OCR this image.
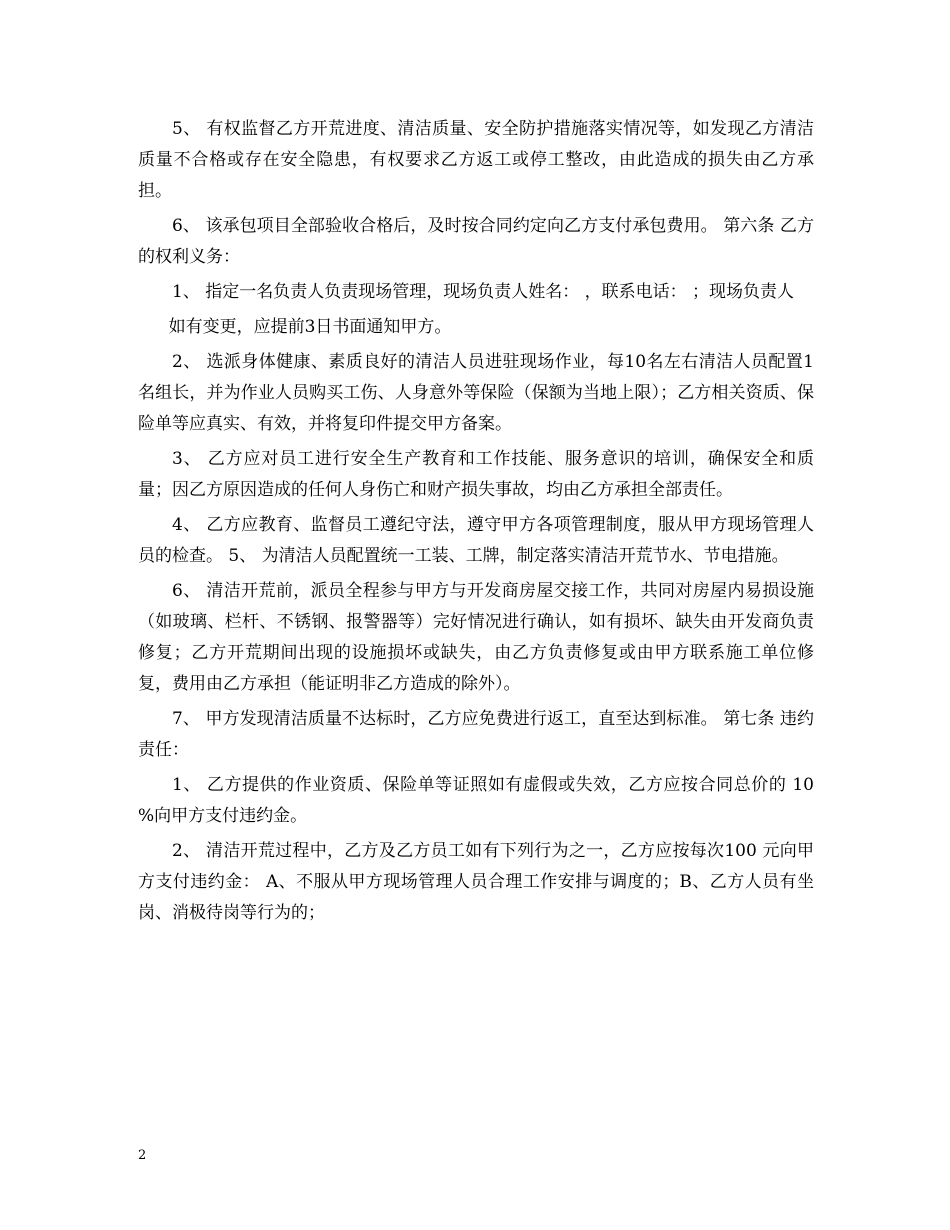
5、 有权监督乙方开荒进度、清洁质量、安全防护措施落实情况等，如发现乙方清洁质量不合格或存在安全隐患，有权要求乙方返工或停工整改，由此造成的损失由乙方承担。

6、 该承包项目全部验收合格后，及时按合同约定向乙方支付承包费用。 第六条 乙方的权利义务：

1、 指定一名负责人负责现场管理，现场负责人姓名： ，联系电话： ；现场负责人

如有变更，应提前3日书面通知甲方。

2、 选派身体健康、素质良好的清洁人员进驻现场作业，每10名左右清洁人员配置1名组长，并为作业人员购买工伤、人身意外等保险（保额为当地上限）；乙方相关资质、保险单等应真实、有效，并将复印件提交甲方备案。

3、 乙方应对员工进行安全生产教育和工作技能、服务意识的培训，确保安全和质量；因乙方原因造成的任何人身伤亡和财产损失事故，均由乙方承担全部责任。

4、 乙方应教育、监督员工遵纪守法，遵守甲方各项管理制度，服从甲方现场管理人员的检查。 5、 为清洁人员配置统一工装、工牌，制定落实清洁开荒节水、节电措施。

6、 清洁开荒前，派员全程参与甲方与开发商房屋交接工作，共同对房屋内易损设施（如玻璃、栏杆、不锈钢、报警器等）完好情况进行确认，如有损坏、缺失由开发商负责修复；乙方开荒期间出现的设施损坏或缺失，由乙方负责修复或由甲方联系施工单位修复，费用由乙方承担（能证明非乙方造成的除外）。

7、 甲方发现清洁质量不达标时，乙方应免费进行返工，直至达到标准。 第七条 违约责任：

1、 乙方提供的作业资质、保险单等证照如有虚假或失效，乙方应按合同总价的 10 %向甲方支付违约金。

2、 清洁开荒过程中，乙方及乙方员工如有下列行为之一，乙方应按每次100 元向甲方支付违约金： A、不服从甲方现场管理人员合理工作安排与调度的；B、乙方人员有坐岗、消极待岗等行为的；

2
